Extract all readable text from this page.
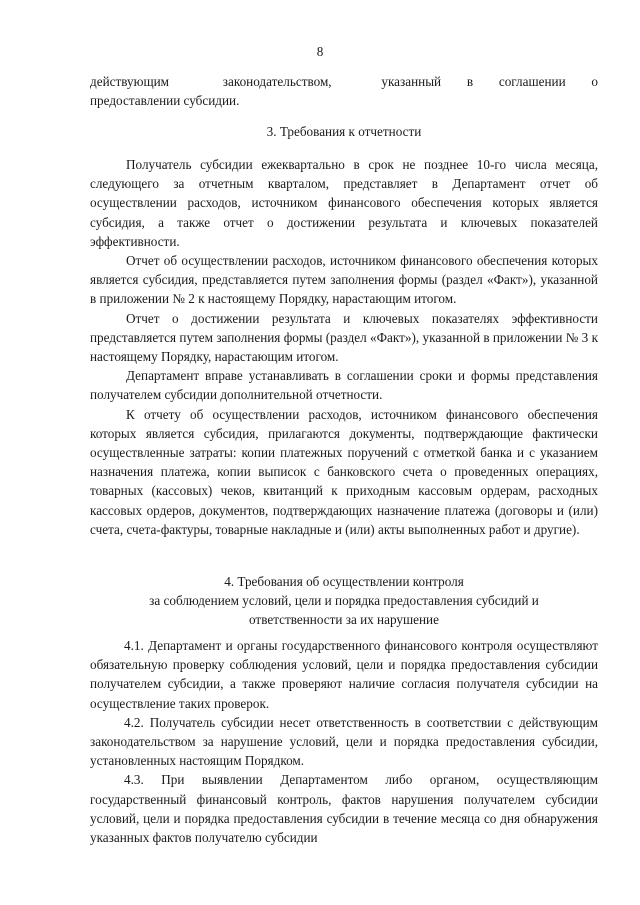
8
действующим	законодательством,	указанный в соглашении о

предоставлении субсидии.

3. Требования к отчетности

Получатель субсидии ежеквартально в срок не позднее 10-го числа месяца, следующего за отчетным кварталом, представляет в Департамент отчет об осуществлении расходов, источником финансового обеспечения которых является субсидия, а также отчет о достижении результата и ключевых показателей эффективности.

Отчет об осуществлении расходов, источником финансового обеспечения которых является субсидия, представляется путем заполнения формы (раздел «Факт»), указанной в приложении № 2 к настоящему Порядку, нарастающим итогом.

Отчет о достижении результата и ключевых показателях эффективности представляется путем заполнения формы (раздел «Факт»), указанной в приложении № 3 к настоящему Порядку, нарастающим итогом.

Департамент вправе устанавливать в соглашении сроки и формы представления получателем субсидии дополнительной отчетности.

К отчету об осуществлении расходов, источником финансового обеспечения которых является субсидия, прилагаются документы, подтверждающие фактически осуществленные затраты: копии платежных поручений с отметкой банка и с указанием назначения платежа, копии выписок с банковского счета о проведенных операциях, товарных (кассовых) чеков, квитанций к приходным кассовым ордерам, расходных кассовых ордеров, документов, подтверждающих назначение платежа (договоры и (или) счета, счета-фактуры, товарные накладные и (или) акты выполненных работ и другие).

4. Требования об осуществлении контроля

за соблюдением условий, цели и порядка предоставления субсидий и

ответственности за их нарушение

4.1. Департамент и органы государственного финансового контроля осуществляют обязательную проверку соблюдения условий, цели и порядка предоставления субсидии получателем субсидии, а также проверяют наличие согласия получателя субсидии на осуществление таких проверок.

4.2. Получатель субсидии несет ответственность в соответствии с действующим законодательством за нарушение условий, цели и порядка предоставления субсидии, установленных настоящим Порядком.

4.3. При выявлении Департаментом либо органом, осуществляющим государственный финансовый контроль, фактов нарушения получателем субсидии условий, цели и порядка предоставления субсидии в течение месяца со дня обнаружения указанных фактов получателю субсидии
